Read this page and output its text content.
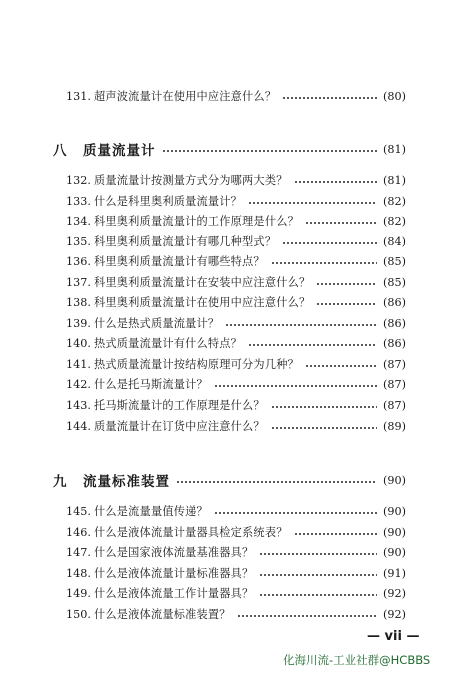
131. 超声波流量计在使用中应注意什么？	(80)
八	质量流量计	(81)
132. 质量流量计按测量方式分为哪两大类？	(81)
133. 什么是科里奥利质量流量计？	(82)
134. 科里奥利质量流量计的工作原理是什么？	(82)
135. 科里奥利质量流量计有哪几种型式？	(84)
136. 科里奥利质量流量计有哪些特点？	(85)
137. 科里奥利质量流量计在安装中应注意什么？	(85)
138. 科里奥利质量流量计在使用中应注意什么？	(86)
139. 什么是热式质量流量计？	(86)
140. 热式质量流量计有什么特点？	(86)
141. 热式质量流量计按结构原理可分为几种？	(87)
142. 什么是托马斯流量计？	(87)
143. 托马斯流量计的工作原理是什么？	(87)
144. 质量流量计在订货中应注意什么？	(89)
九	流量标准装置	(90)
145. 什么是流量量值传递？	(90)
146. 什么是液体流量计量器具检定系统表？	(90)
147. 什么是国家液体流量基准器具？	(90)
148. 什么是液体流量计量标准器具？	(91)
149. 什么是液体流量工作计量器具？	(92)
150. 什么是液体流量标准装置？	(92)
— vii —
化海川流-工业社群@HCBBS
